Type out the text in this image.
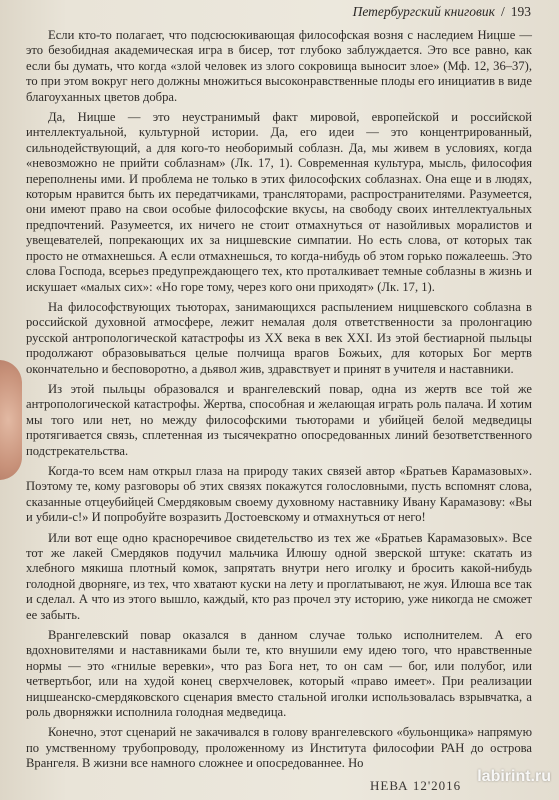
Петербургский книговик / 193

Если кто-то полагает, что подсюсюкивающая философская возня с наследием Ницше — это безобидная академическая игра в бисер, тот глубоко заблуждается. Это все равно, как если бы думать, что когда «злой человек из злого сокровища выносит злое» (Мф. 12, 36–37), то при этом вокруг него должны множиться высоконравственные плоды его инициатив в виде благоуханных цветов добра.

Да, Ницше — это неустранимый факт мировой, европейской и российской интеллектуальной, культурной истории. Да, его идеи — это концентрированный, сильнодействующий, а для кого-то необоримый соблазн. Да, мы живем в условиях, когда «невозможно не прийти соблазнам» (Лк. 17, 1). Современная культура, мысль, философия переполнены ими. И проблема не только в этих философских соблазнах. Она еще и в людях, которым нравится быть их передатчиками, трансляторами, распространителями. Разумеется, они имеют право на свои особые философские вкусы, на свободу своих интеллектуальных предпочтений. Разумеется, их ничего не стоит отмахнуться от назойливых моралистов и увещевателей, попрекающих их за ницшевские симпатии. Но есть слова, от которых так просто не отмахнешься. А если отмахнешься, то когда-нибудь об этом горько пожалеешь. Это слова Господа, всерьез предупреждающего тех, кто проталкивает темные соблазны в жизнь и искушает «малых сих»: «Но горе тому, через кого они приходят» (Лк. 17, 1).

На философствующих тьюторах, занимающихся распылением ницшевского соблазна в российской духовной атмосфере, лежит немалая доля ответственности за пролонгацию русской антропологической катастрофы из XX века в век XXI. Из этой бестиарной пыльцы продолжают образовываться целые полчища врагов Божьих, для которых Бог мертв окончательно и бесповоротно, а дьявол жив, здравствует и принят в учителя и наставники.

Из этой пыльцы образовался и врангелевский повар, одна из жертв все той же антропологической катастрофы. Жертва, способная и желающая играть роль палача. И хотим мы того или нет, но между философскими тьюторами и убийцей белой медведицы протягивается связь, сплетенная из тысячекратно опосредованных линий безответственного подстрекательства.

Когда-то всем нам открыл глаза на природу таких связей автор «Братьев Карамазовых». Поэтому те, кому разговоры об этих связях покажутся голословными, пусть вспомнят слова, сказанные отцеубийцей Смердяковым своему духовному наставнику Ивану Карамазову: «Вы и убили-с!» И попробуйте возразить Достоевскому и отмахнуться от него!

Или вот еще одно красноречивое свидетельство из тех же «Братьев Карамазовых». Все тот же лакей Смердяков подучил мальчика Илюшу одной зверской штуке: скатать из хлебного мякиша плотный комок, запрятать внутри него иголку и бросить какой-нибудь голодной дворняге, из тех, что хватают куски на лету и проглатывают, не жуя. Илюша все так и сделал. А что из этого вышло, каждый, кто раз прочел эту историю, уже никогда не сможет ее забыть.

Врангелевский повар оказался в данном случае только исполнителем. А его вдохновителями и наставниками были те, кто внушили ему идею того, что нравственные нормы — это «гнилые веревки», что раз Бога нет, то он сам — бог, или полубог, или четвертьбог, или на худой конец сверхчеловек, который «право имеет». При реализации ницшеанско-смердяковского сценария вместо стальной иголки использовалась взрывчатка, а роль дворняжки исполнила голодная медведица.

Конечно, этот сценарий не закачивался в голову врангелевского «бульонщика» напрямую по умственному трубопроводу, проложенному из Института философии РАН до острова Врангеля. В жизни все намного сложнее и опосредованнее. Но

НЕВА 12'2016
labirint.ru
